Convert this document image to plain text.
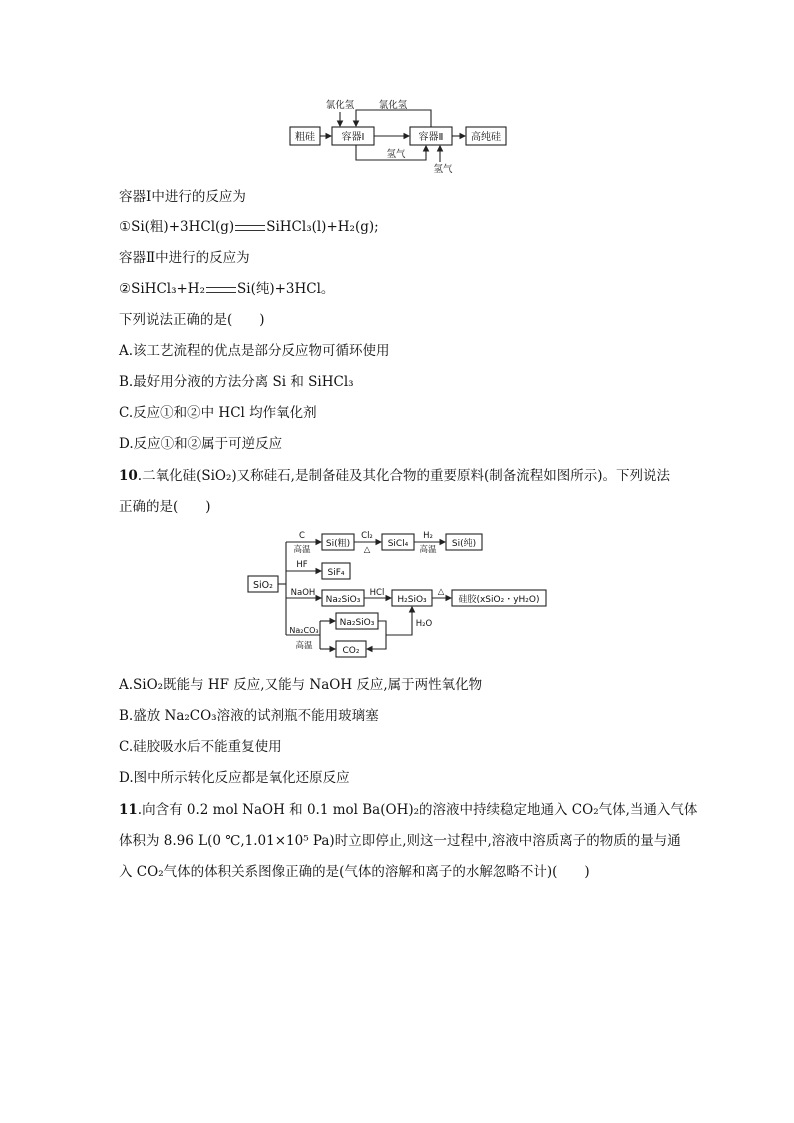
粗硅	容器Ⅰ	容器Ⅱ	高纯硅
氯化氢	氯化氢
氢气
氢气
容器Ⅰ中进行的反应为
①Si(粗)+3HCl(g) SiHCl₃(l)+H₂(g);
容器Ⅱ中进行的反应为
②SiHCl₃+H₂ Si(纯)+3HCl。
下列说法正确的是(　　)
A.该工艺流程的优点是部分反应物可循环使用
B.最好用分液的方法分离 Si 和 SiHCl₃
C.反应①和②中 HCl 均作氧化剂
D.反应①和②属于可逆反应
10.二氧化硅(SiO₂)又称硅石,是制备硅及其化合物的重要原料(制备流程如图所示)。下列说法
正确的是(　　)
SiO₂
C
高温
Si(粗)
Cl₂
△
SiCl₄
H₂
高温
Si(纯)
HF
SiF₄
NaOH
Na₂SiO₃
HCl
H₂SiO₃
△
硅胶(xSiO₂・yH₂O)
Na₂CO₃
高温
Na₂SiO₃
CO₂
H₂O
A.SiO₂既能与 HF 反应,又能与 NaOH 反应,属于两性氧化物
B.盛放 Na₂CO₃溶液的试剂瓶不能用玻璃塞
C.硅胶吸水后不能重复使用
D.图中所示转化反应都是氧化还原反应
11.向含有 0.2 mol NaOH 和 0.1 mol Ba(OH)₂的溶液中持续稳定地通入 CO₂气体,当通入气体
体积为 8.96 L(0 ℃,1.01×10⁵ Pa)时立即停止,则这一过程中,溶液中溶质离子的物质的量与通
入 CO₂气体的体积关系图像正确的是(气体的溶解和离子的水解忽略不计)(　　)
